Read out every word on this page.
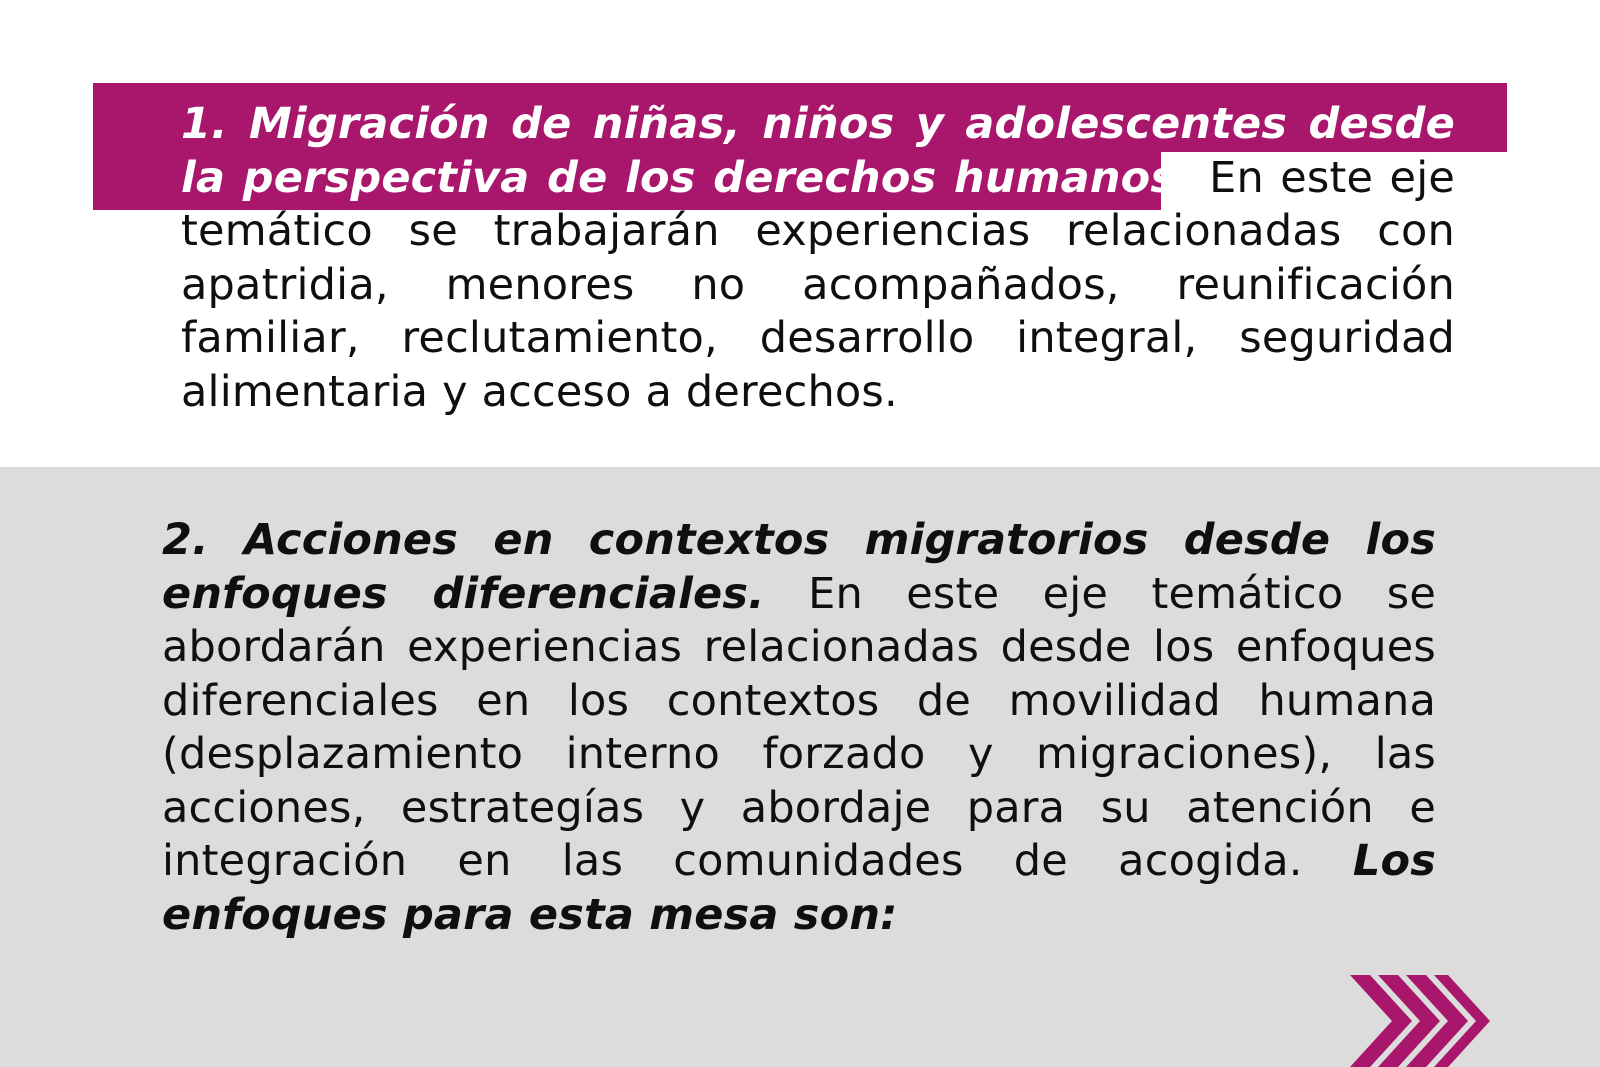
1. Migración de niñas, niños y adolescentes desde la perspectiva de los derechos humanos. En este eje temático se trabajarán experiencias relacionadas con apatridia, menores no acompañados, reunificación familiar, reclutamiento, desarrollo integral, seguridad alimentaria y acceso a derechos.

2. Acciones en contextos migratorios desde los enfoques diferenciales. En este eje temático se abordarán experiencias relacionadas desde los enfoques diferenciales en los contextos de movilidad humana (desplazamiento interno forzado y migraciones), las acciones, estrategías y abordaje para su atención e integración en las comunidades de acogida. Los enfoques para esta mesa son:
